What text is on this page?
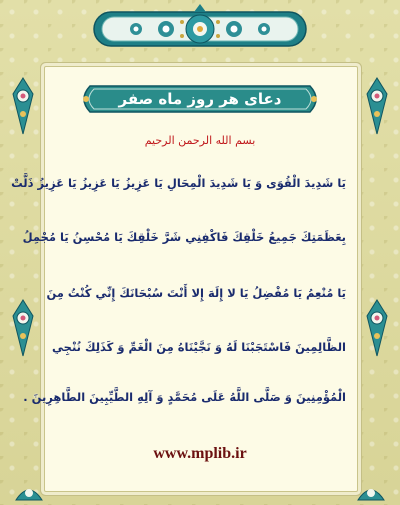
دعای هر روز ماه صفر
بسم الله الرحمن الرحیم
يَا شَدِيدَ الْقُوَى وَ يَا شَدِيدَ الْمِحَالِ يَا عَزِيزُ يَا عَزِيزُ يَا عَزِيزُ ذَلَّتْ
بِعَظَمَتِكَ جَمِيعُ خَلْقِكَ فَاكْفِنِي شَرَّ خَلْقِكَ يَا مُحْسِنُ يَا مُجْمِلُ
يَا مُنْعِمُ يَا مُفْضِلُ يَا لا إِلَهَ إِلا أَنْتَ سُبْحَانَكَ إِنِّي كُنْتُ مِنَ
الظَّالِمِينَ فَاسْتَجَبْنَا لَهُ وَ نَجَّيْنَاهُ مِنَ الْغَمِّ وَ كَذَلِكَ نُنْجِي
الْمُؤْمِنِينَ وَ صَلَّى اللَّهُ عَلَى مُحَمَّدٍ وَ آلِهِ الطَّيِّبِينَ الطَّاهِرِينَ .
www.mplib.ir
